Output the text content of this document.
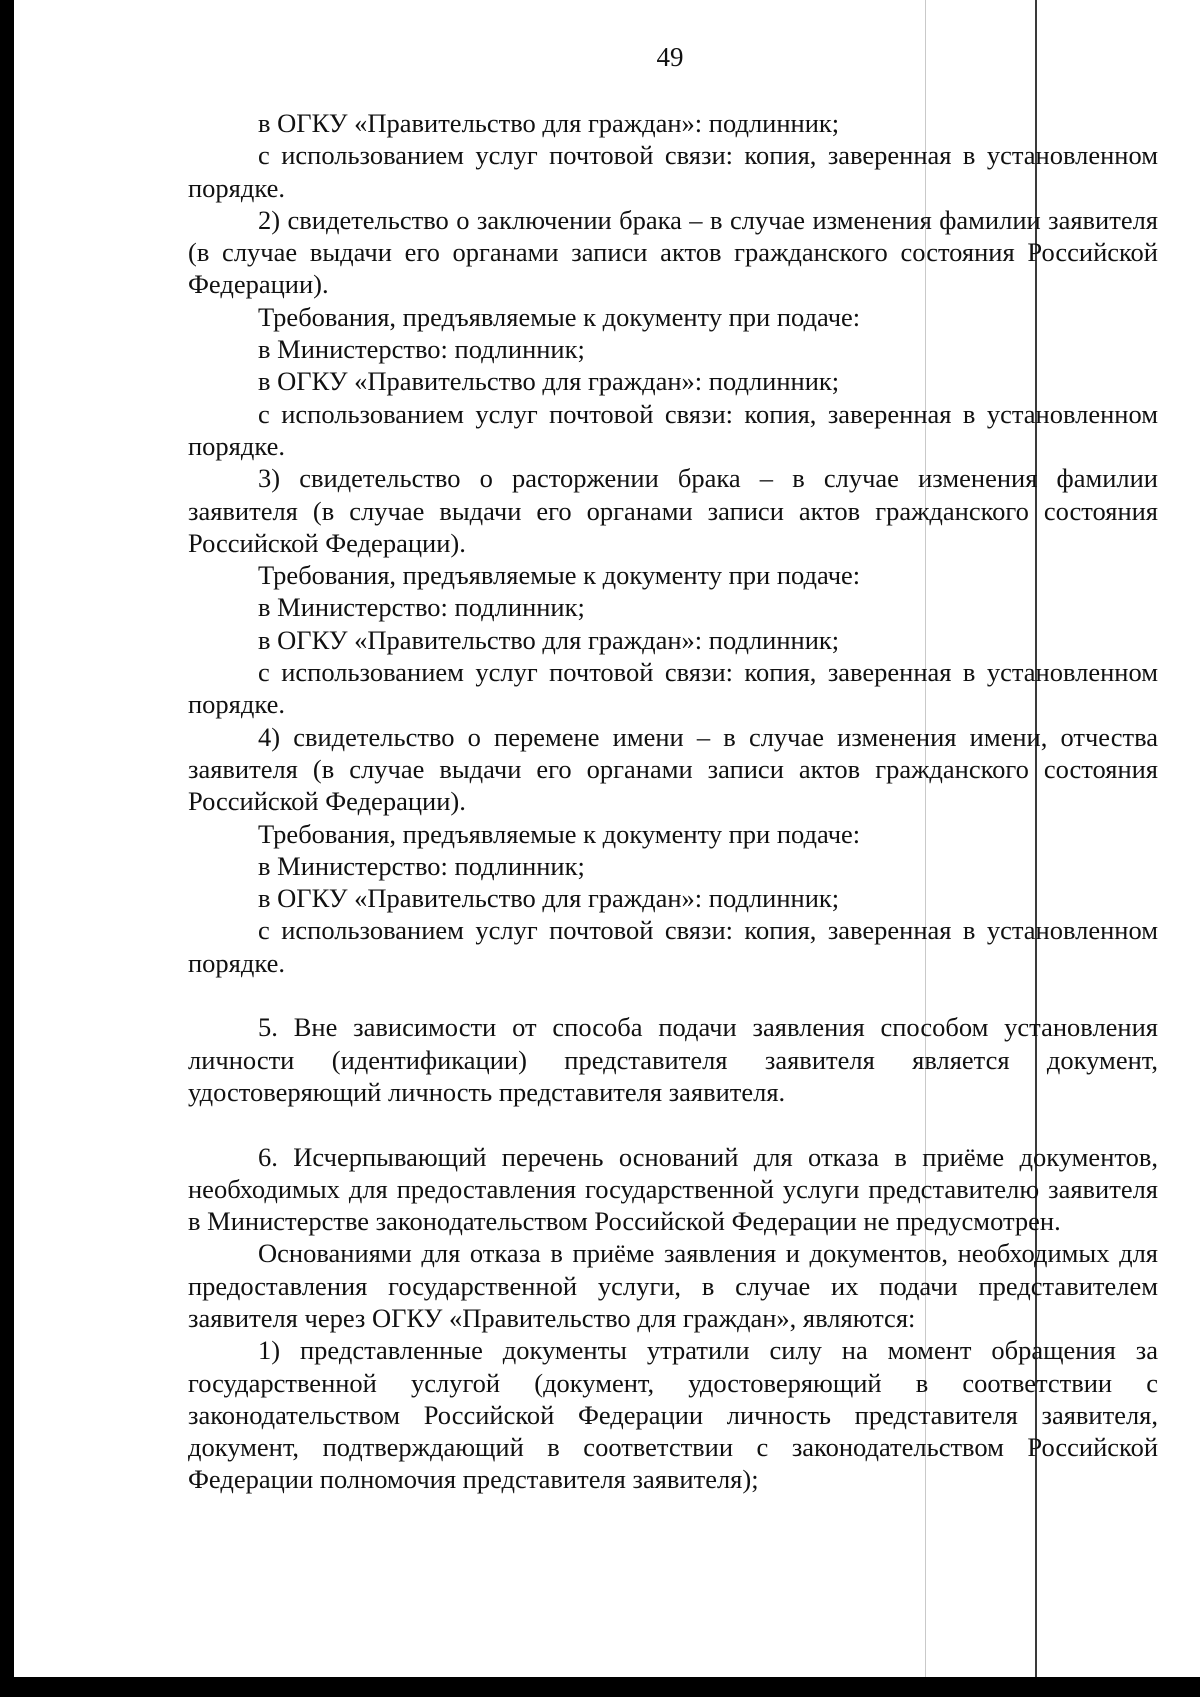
49

в ОГКУ «Правительство для граждан»: подлинник;

с использованием услуг почтовой связи: копия, заверенная в установленном порядке.

2) свидетельство о заключении брака – в случае изменения фамилии заявителя (в случае выдачи его органами записи актов гражданского состояния Российской Федерации).

Требования, предъявляемые к документу при подаче:

в Министерство: подлинник;

в ОГКУ «Правительство для граждан»: подлинник;

с использованием услуг почтовой связи: копия, заверенная в установленном порядке.

3) свидетельство о расторжении брака – в случае изменения фамилии заявителя (в случае выдачи его органами записи актов гражданского состояния Российской Федерации).

Требования, предъявляемые к документу при подаче:

в Министерство: подлинник;

в ОГКУ «Правительство для граждан»: подлинник;

с использованием услуг почтовой связи: копия, заверенная в установленном порядке.

4) свидетельство о перемене имени – в случае изменения имени, отчества заявителя (в случае выдачи его органами записи актов гражданского состояния Российской Федерации).

Требования, предъявляемые к документу при подаче:

в Министерство: подлинник;

в ОГКУ «Правительство для граждан»: подлинник;

с использованием услуг почтовой связи: копия, заверенная в установленном порядке.

5. Вне зависимости от способа подачи заявления способом установления личности (идентификации) представителя заявителя является документ, удостоверяющий личность представителя заявителя.

6. Исчерпывающий перечень оснований для отказа в приёме документов, необходимых для предоставления государственной услуги представителю заявителя в Министерстве законодательством Российской Федерации не предусмотрен.

Основаниями для отказа в приёме заявления и документов, необходимых для предоставления государственной услуги, в случае их подачи представителем заявителя через ОГКУ «Правительство для граждан», являются:

1) представленные документы утратили силу на момент обращения за государственной услугой (документ, удостоверяющий в соответствии с законодательством Российской Федерации личность представителя заявителя, документ, подтверждающий в соответствии с законодательством Российской Федерации полномочия представителя заявителя);
